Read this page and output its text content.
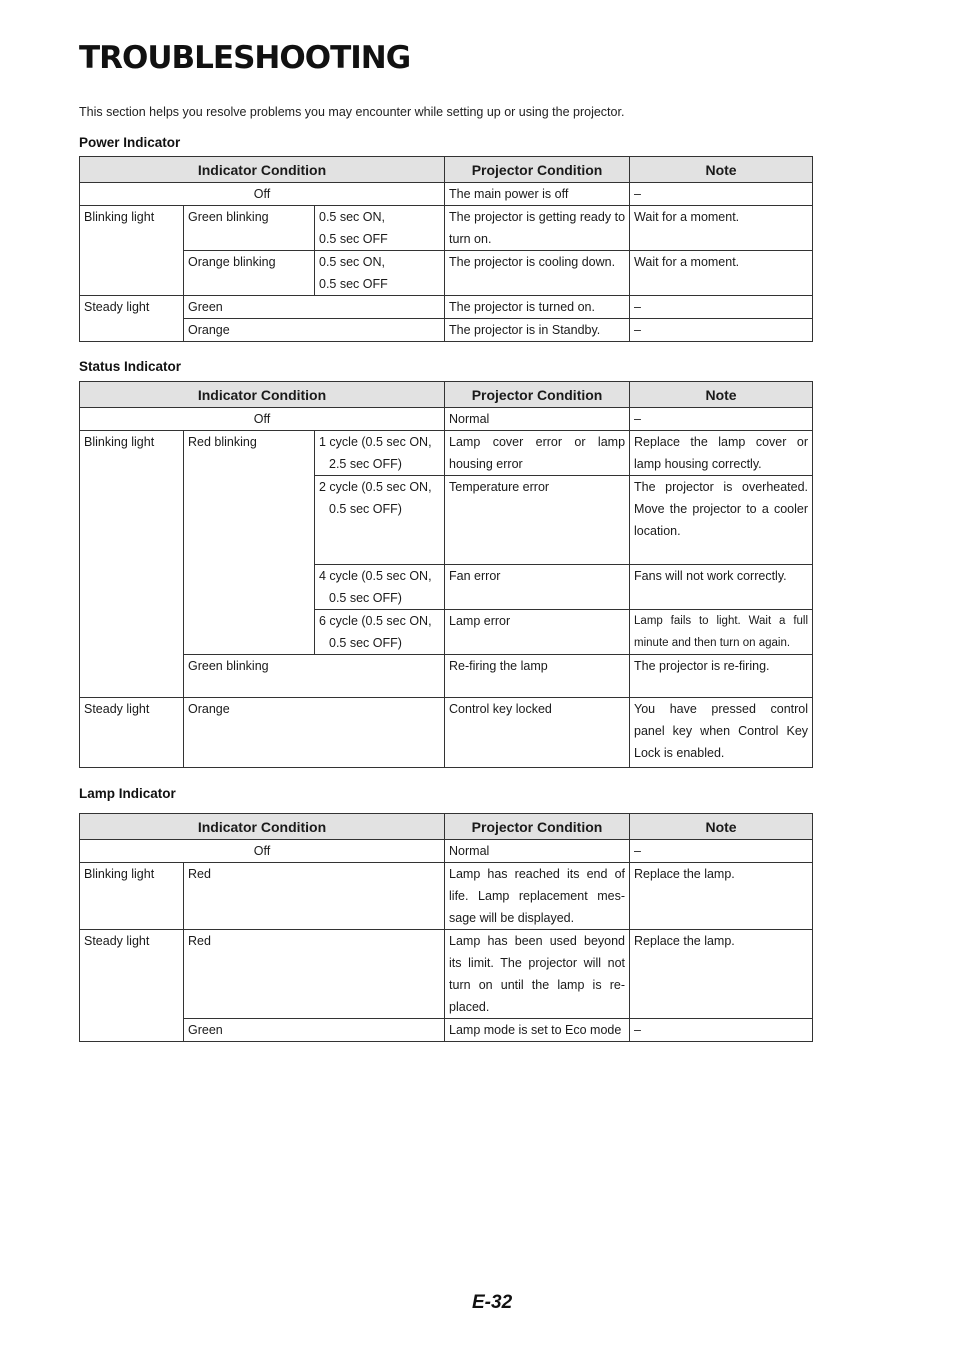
TROUBLESHOOTING
This section helps you resolve problems you may encounter while setting up or using the projector.
Power Indicator
Indicator Condition			Projector Condition	Note
Off			The main power is off	–
Blinking light	Green blinking	0.5 sec ON,
0.5 sec OFF	The projector is getting ready to turn on.	Wait for a moment.
	Orange blinking	0.5 sec ON,
0.5 sec OFF	The projector is cooling down.	Wait for a moment.
Steady light	Green		The projector is turned on.	–
	Orange		The projector is in Standby.	–
Status Indicator
Indicator Condition			Projector Condition	Note
Off			Normal	–
Blinking light	Red blinking	1 cycle (0.5 sec ON,
2.5 sec OFF)	Lamp cover error or lamp housing error	Replace the lamp cover or lamp housing correctly.

		2 cycle (0.5 sec ON,
0.5 sec OFF)	Temperature error	The projector is overheated. Move the projector to a cooler location.

		4 cycle (0.5 sec ON,
0.5 sec OFF)	Fan error	Fans will not work correctly.

		6 cycle (0.5 sec ON,
0.5 sec OFF)	Lamp error	Lamp fails to light. Wait a full minute and then turn on again.
	Green blinking		Re-firing the lamp	The projector is re-firing.
Steady light	Orange		Control key locked	You have pressed control panel key when Control Key Lock is enabled.
Lamp Indicator
Indicator Condition		Projector Condition	Note
Off		Normal	–
Blinking light	Red	Lamp has reached its end of life. Lamp replacement mes-sage will be displayed.	Replace the lamp.
Steady light	Red	Lamp has been used beyond its limit. The projector will not turn on until the lamp is re-placed.	Replace the lamp.
	Green	Lamp mode is set to Eco mode	–
E-32
